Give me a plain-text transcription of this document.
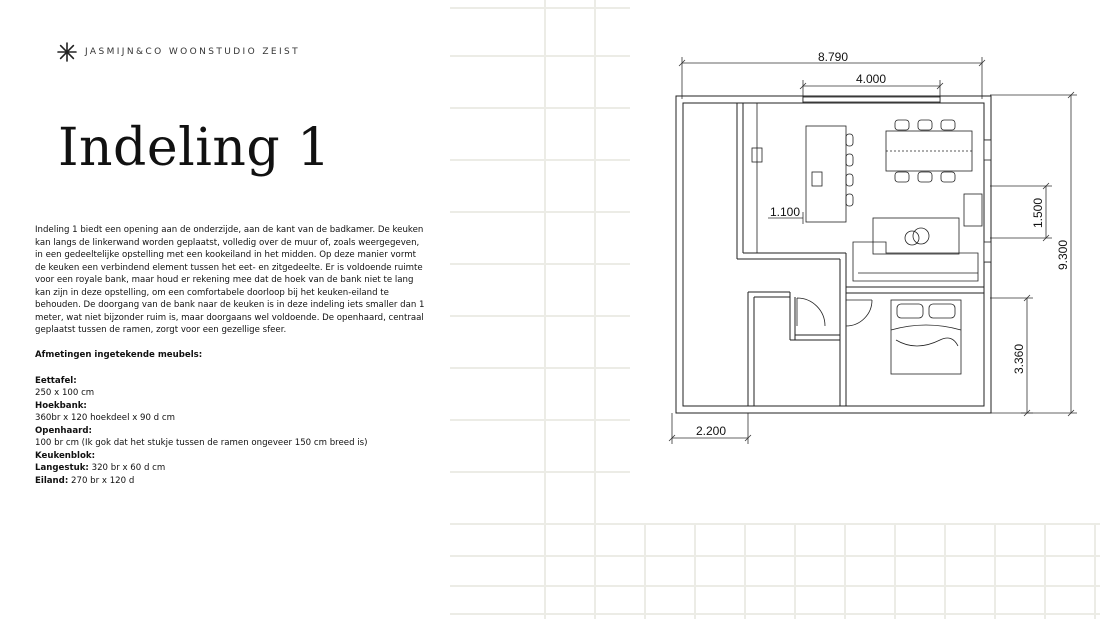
JASMIJN&CO WOONSTUDIO ZEIST
Indeling 1

Indeling 1 biedt een opening aan de onderzijde, aan de kant van de badkamer. De keuken kan langs de linkerwand worden geplaatst, volledig over de muur of, zoals weergegeven, in een gedeeltelijke opstelling met een kookeiland in het midden. Op deze manier vormt de keuken een verbindend element tussen het eet- en zitgedeelte. Er is voldoende ruimte voor een royale bank, maar houd er rekening mee dat de hoek van de bank niet te lang kan zijn in deze opstelling, om een comfortabele doorloop bij het keuken-eiland te behouden. De doorgang van de bank naar de keuken is in deze indeling iets smaller dan 1 meter, wat niet bijzonder ruim is, maar doorgaans wel voldoende. De openhaard, centraal geplaatst tussen de ramen, zorgt voor een gezellige sfeer.

Afmetingen ingetekende meubels:

Eettafel:

250 x 100 cm

Hoekbank:

360br x 120 hoekdeel x 90 d cm

Openhaard:

100 br cm (Ik gok dat het stukje tussen de ramen ongeveer 150 cm breed is)

Keukenblok:

Langestuk: 320 br x 60 d cm

Eiland: 270 br x 120 d

8.790
4.000
1.100
2.200
9.300
1.500
3.360
